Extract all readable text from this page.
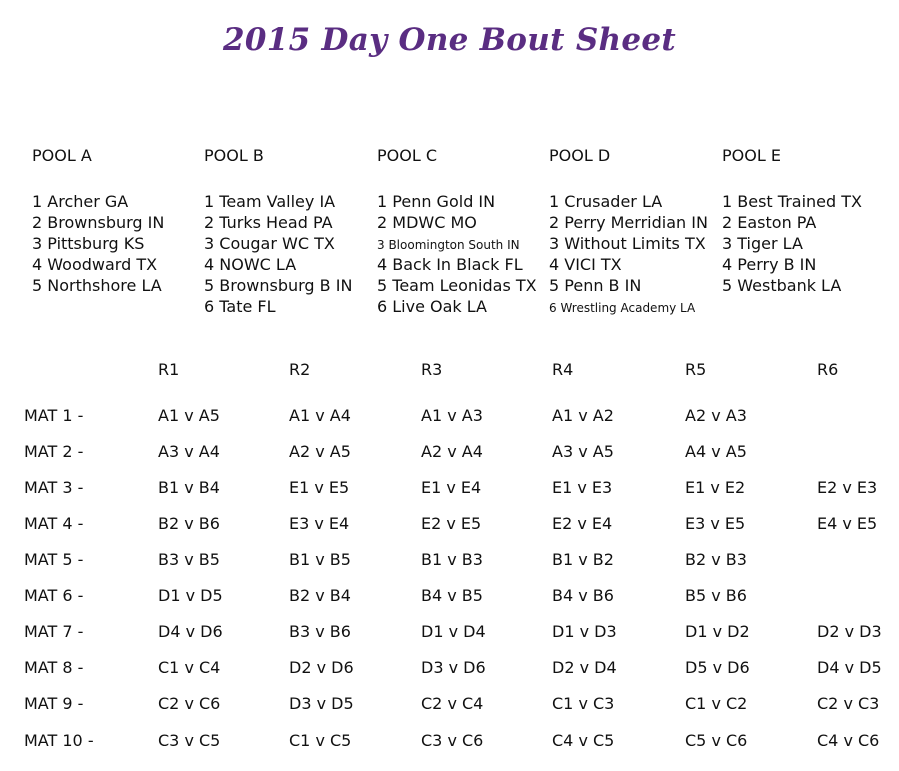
2015 Day One Bout Sheet
POOL A
1 Archer GA
2 Brownsburg IN
3 Pittsburg KS
4 Woodward TX
5 Northshore LA
POOL B
1 Team Valley IA
2 Turks Head PA
3 Cougar WC TX
4 NOWC LA
5 Brownsburg B IN
6 Tate FL
POOL C
1 Penn Gold IN
2 MDWC MO
3 Bloomington South IN
4 Back In Black FL
5 Team Leonidas TX
6 Live Oak LA
POOL D
1 Crusader LA
2 Perry Merridian IN
3 Without Limits TX
4 VICI TX
5 Penn B IN
6 Wrestling Academy LA
POOL E
1 Best Trained TX
2 Easton PA
3 Tiger LA
4 Perry B IN
5 Westbank LA
R1	R2	R3	R4	R5	R6
MAT 1 -	A1 v A5	A1 v A4	A1 v A3	A1 v A2	A2 v A3
MAT 2 -	A3 v A4	A2 v A5	A2 v A4	A3 v A5	A4 v A5
MAT 3 -	B1 v B4	E1 v E5	E1 v E4	E1 v E3	E1 v E2	E2 v E3
MAT 4 -	B2 v B6	E3 v E4	E2 v E5	E2 v E4	E3 v E5	E4 v E5
MAT 5 -	B3 v B5	B1 v B5	B1 v B3	B1 v B2	B2 v B3
MAT 6 -	D1 v D5	B2 v B4	B4 v B5	B4 v B6	B5 v B6
MAT 7 -	D4 v D6	B3 v B6	D1 v D4	D1 v D3	D1 v D2	D2 v D3
MAT 8 -	C1 v C4	D2 v D6	D3 v D6	D2 v D4	D5 v D6	D4 v D5
MAT 9 -	C2 v C6	D3 v D5	C2 v C4	C1 v C3	C1 v C2	C2 v C3
MAT 10 -	C3 v C5	C1 v C5	C3 v C6	C4 v C5	C5 v C6	C4 v C6
